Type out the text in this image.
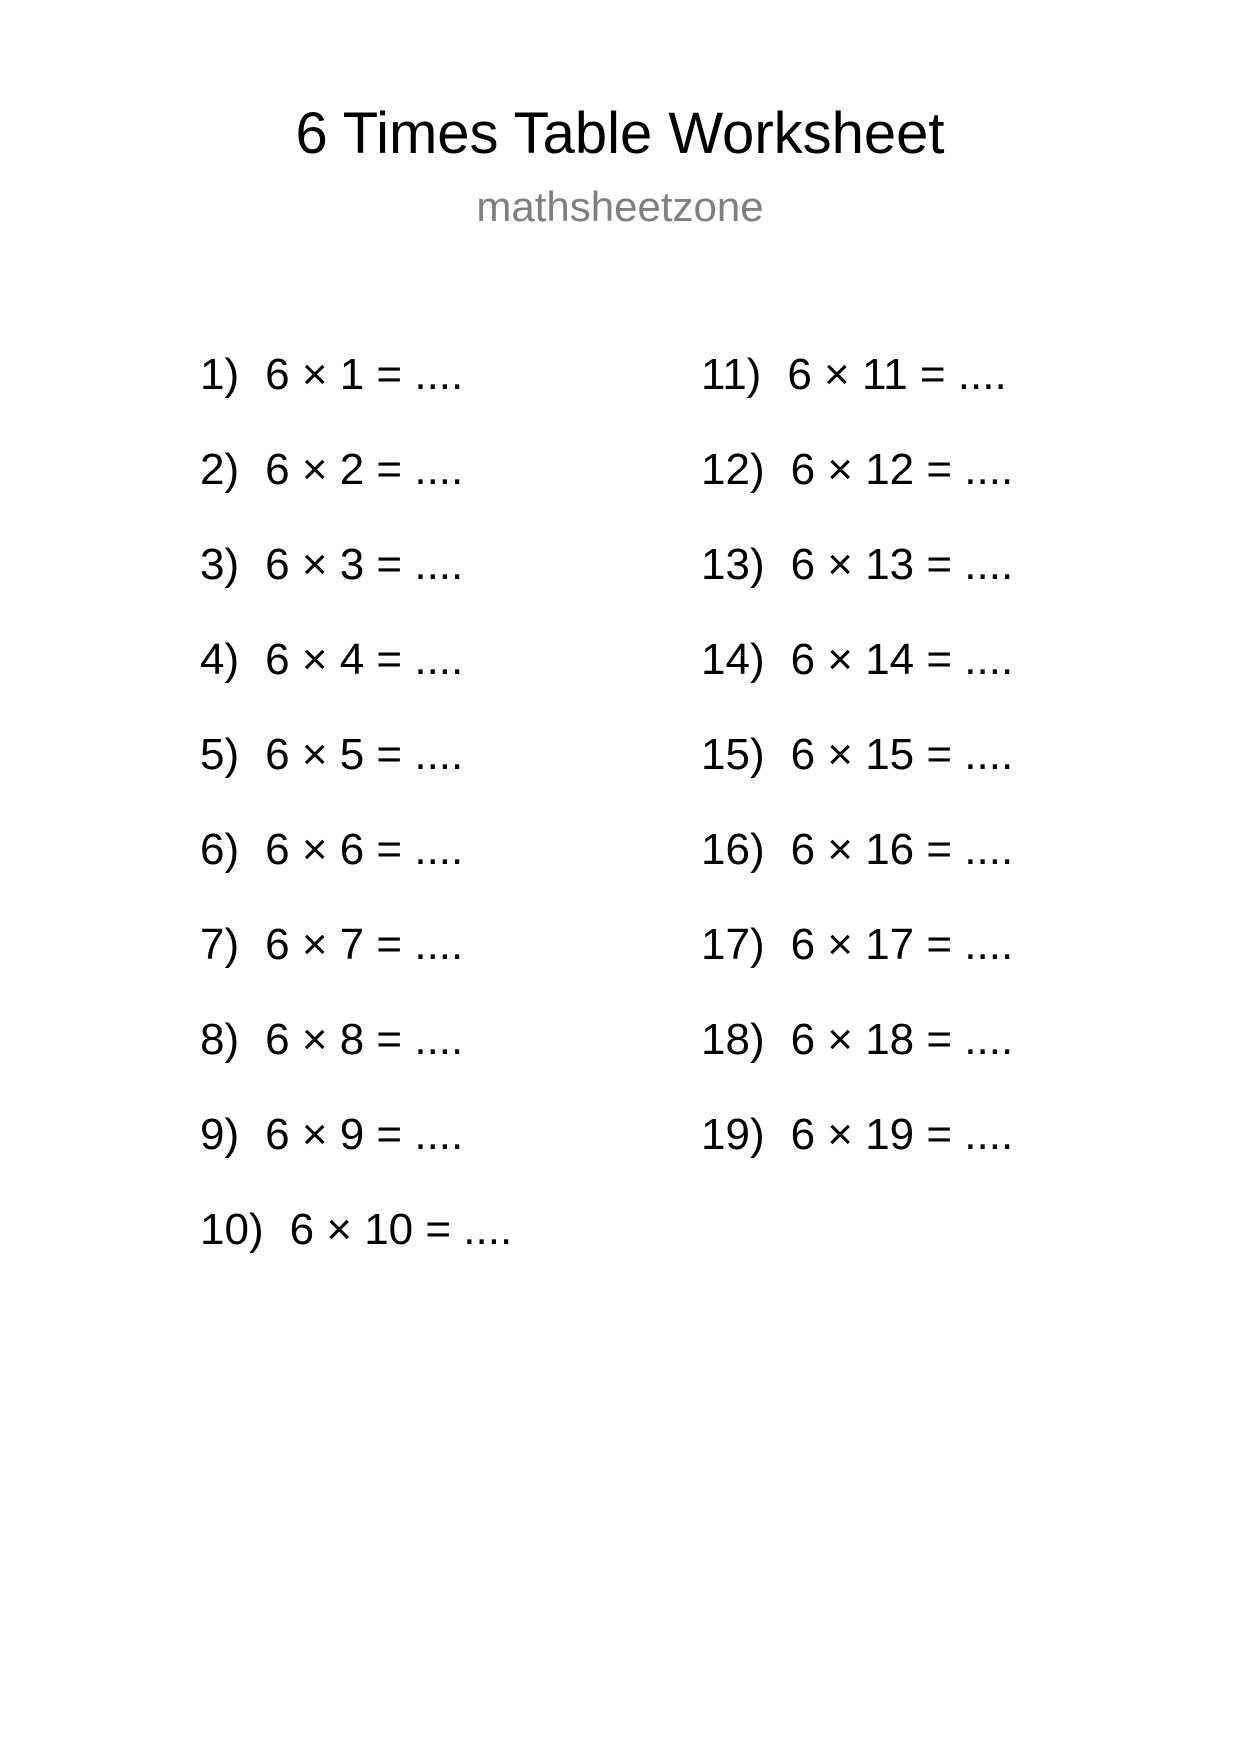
6 Times Table Worksheet
mathsheetzone
1) 6 × 1 = ....
2) 6 × 2 = ....
3) 6 × 3 = ....
4) 6 × 4 = ....
5) 6 × 5 = ....
6) 6 × 6 = ....
7) 6 × 7 = ....
8) 6 × 8 = ....
9) 6 × 9 = ....
10) 6 × 10 = ....
11) 6 × 11 = ....
12) 6 × 12 = ....
13) 6 × 13 = ....
14) 6 × 14 = ....
15) 6 × 15 = ....
16) 6 × 16 = ....
17) 6 × 17 = ....
18) 6 × 18 = ....
19) 6 × 19 = ....
